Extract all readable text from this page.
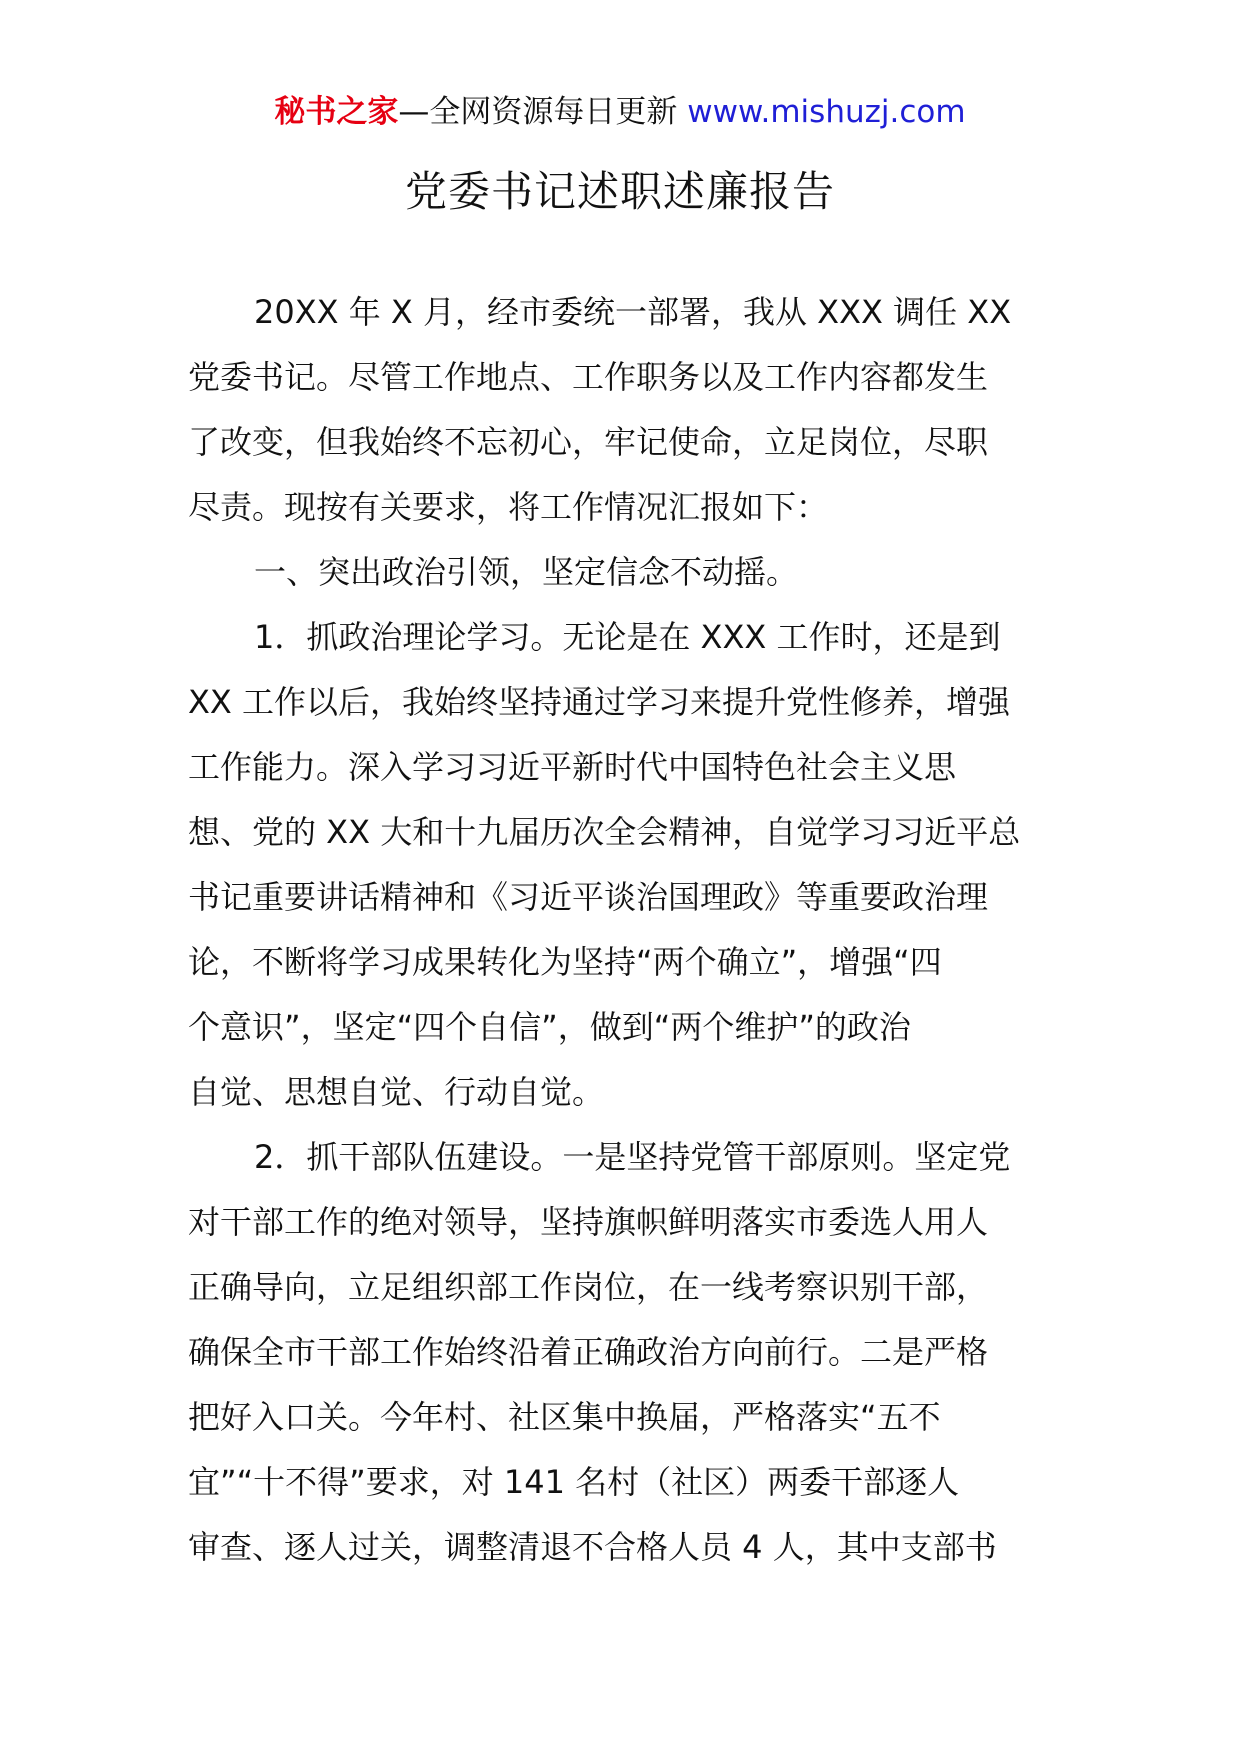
秘书之家—全网资源每日更新 www.mishuzj.com
党委书记述职述廉报告
20XX 年 X 月，经市委统一部署，我从 XXX 调任 XX
党委书记。尽管工作地点、工作职务以及工作内容都发生
了改变，但我始终不忘初心，牢记使命，立足岗位，尽职
尽责。现按有关要求，将工作情况汇报如下：
一、突出政治引领，坚定信念不动摇。
1．抓政治理论学习。无论是在 XXX 工作时，还是到
XX 工作以后，我始终坚持通过学习来提升党性修养，增强
工作能力。深入学习习近平新时代中国特色社会主义思
想、党的 XX 大和十九届历次全会精神，自觉学习习近平总
书记重要讲话精神和《习近平谈治国理政》等重要政治理
论，不断将学习成果转化为坚持“两个确立”，增强“四
个意识”，坚定“四个自信”，做到“两个维护”的政治
自觉、思想自觉、行动自觉。
2．抓干部队伍建设。一是坚持党管干部原则。坚定党
对干部工作的绝对领导，坚持旗帜鲜明落实市委选人用人
正确导向，立足组织部工作岗位，在一线考察识别干部，
确保全市干部工作始终沿着正确政治方向前行。二是严格
把好入口关。今年村、社区集中换届，严格落实“五不
宜”“十不得”要求，对 141 名村（社区）两委干部逐人
审查、逐人过关，调整清退不合格人员 4 人，其中支部书
